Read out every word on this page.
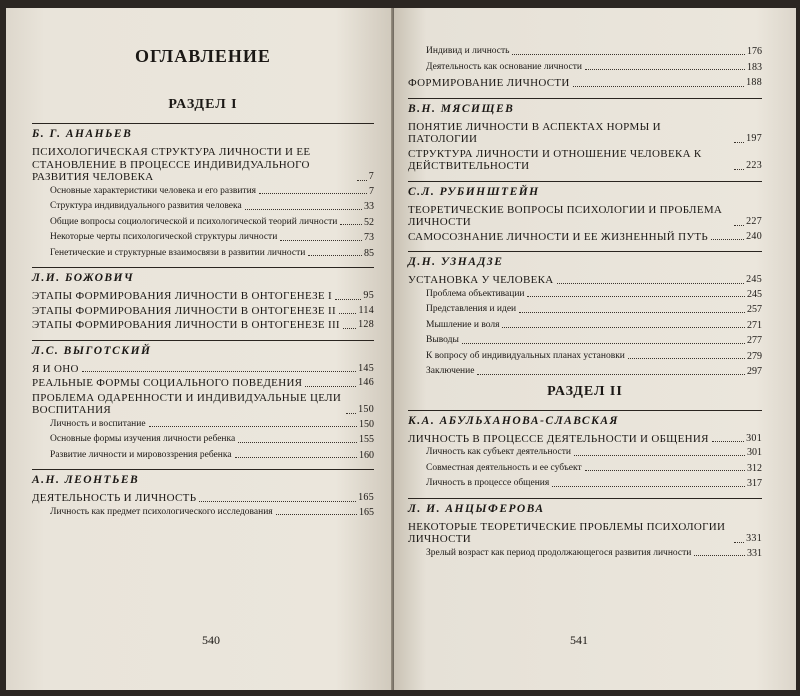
ОГЛАВЛЕНИЕ
РАЗДЕЛ I
Б. Г. АНАНЬЕВ
ПСИХОЛОГИЧЕСКАЯ СТРУКТУРА ЛИЧНОСТИ И ЕЕ СТАНОВЛЕНИЕ В ПРОЦЕССЕ ИНДИВИДУАЛЬНОГО РАЗВИТИЯ ЧЕЛОВЕКА	7
Основные характеристики человека и его развития	7
Структура индивидуального развития человека	33
Общие вопросы социологической и психологической теорий личности	52
Некоторые черты психологической структуры личности	73
Генетические и структурные взаимосвязи в развитии личности	85
Л.И. БОЖОВИЧ
ЭТАПЫ ФОРМИРОВАНИЯ ЛИЧНОСТИ В ОНТОГЕНЕЗЕ I	95
ЭТАПЫ ФОРМИРОВАНИЯ ЛИЧНОСТИ В ОНТОГЕНЕЗЕ II 114
ЭТАПЫ ФОРМИРОВАНИЯ ЛИЧНОСТИ В ОНТОГЕНЕЗЕ III 128
Л.С. ВЫГОТСКИЙ
Я И ОНО	145
РЕАЛЬНЫЕ ФОРМЫ СОЦИАЛЬНОГО ПОВЕДЕНИЯ	146
ПРОБЛЕМА ОДАРЕННОСТИ И ИНДИВИДУАЛЬНЫЕ ЦЕЛИ ВОСПИТАНИЯ	150
Личность и воспитание	150
Основные формы изучения личности ребенка	155
Развитие личности и мировоззрения ребенка	160
А.Н. ЛЕОНТЬЕВ
ДЕЯТЕЛЬНОСТЬ И ЛИЧНОСТЬ	165
Личность как предмет психологического исследования	165
540
Индивид и личность	176
Деятельность как основание личности	183
ФОРМИРОВАНИЕ ЛИЧНОСТИ	188
В.Н. МЯСИЩЕВ
ПОНЯТИЕ ЛИЧНОСТИ В АСПЕКТАХ НОРМЫ И ПАТОЛОГИИ	197
СТРУКТУРА ЛИЧНОСТИ И ОТНОШЕНИЕ ЧЕЛОВЕКА К ДЕЙСТВИТЕЛЬНОСТИ	223
С.Л. РУБИНШТЕЙН
ТЕОРЕТИЧЕСКИЕ ВОПРОСЫ ПСИХОЛОГИИ И ПРОБЛЕМА ЛИЧНОСТИ	227
САМОСОЗНАНИЕ ЛИЧНОСТИ И ЕЕ ЖИЗНЕННЫЙ ПУТЬ	240
Д.Н. УЗНАДЗЕ
УСТАНОВКА У ЧЕЛОВЕКА	245
Проблема объективации	245
Представления и идеи	257
Мышление и воля	271
Выводы	277
К вопросу об индивидуальных планах установки	279
Заключение	297
РАЗДЕЛ II
К.А. АБУЛЬХАНОВА-СЛАВСКАЯ
ЛИЧНОСТЬ В ПРОЦЕССЕ ДЕЯТЕЛЬНОСТИ И ОБЩЕНИЯ	301
Личность как субъект деятельности	301
Совместная деятельность и ее субъект	312
Личность в процессе общения	317
Л. И. АНЦЫФЕРОВА
НЕКОТОРЫЕ ТЕОРЕТИЧЕСКИЕ ПРОБЛЕМЫ ПСИХОЛОГИИ ЛИЧНОСТИ	331
Зрелый возраст как период продолжающегося развития личности	331
541
